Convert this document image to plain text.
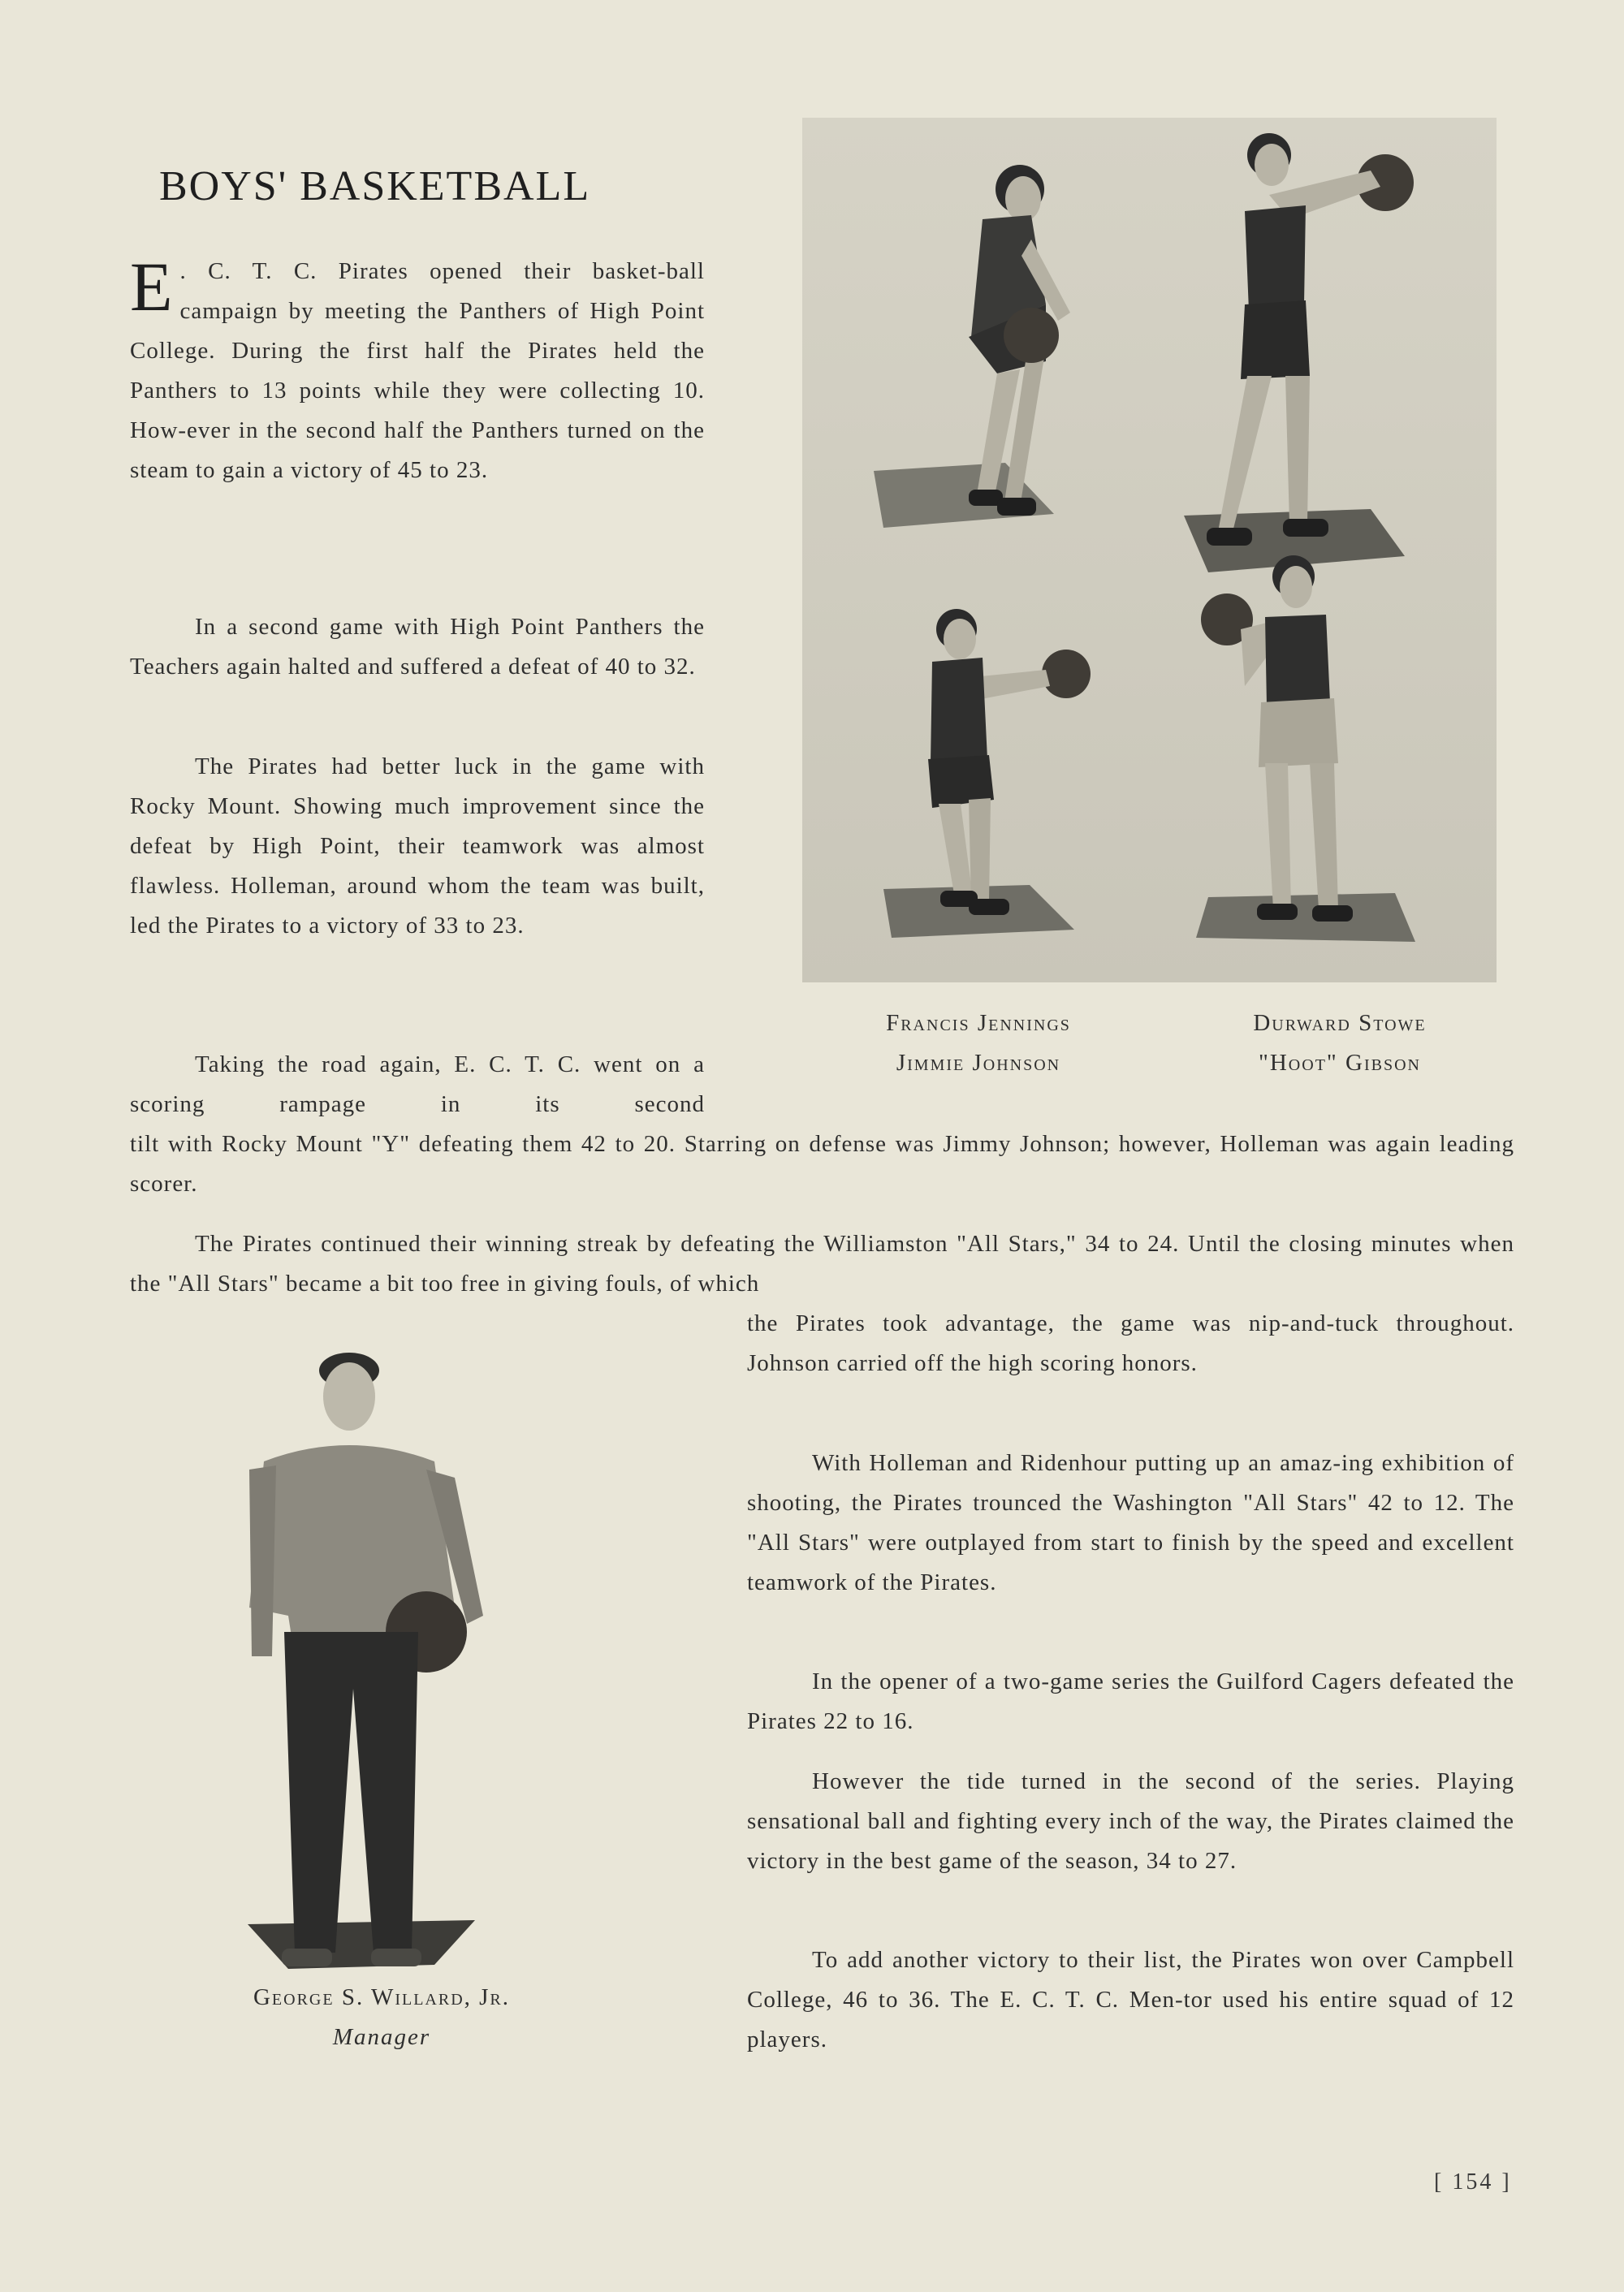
BOYS' BASKETBALL
E . C. T. C. Pirates opened their basket-ball campaign by meeting the Panthers of High Point College. During the first half the Pirates held the Panthers to 13 points while they were collecting 10. How-ever in the second half the Panthers turned on the steam to gain a victory of 45 to 23.

In a second game with High Point Panthers the Teachers again halted and suffered a defeat of 40 to 32.

The Pirates had better luck in the game with Rocky Mount. Showing much improvement since the defeat by High Point, their teamwork was almost flawless. Holleman, around whom the team was built, led the Pirates to a victory of 33 to 23.

Taking the road again, E. C. T. C. went on a scoring rampage in its second

tilt with Rocky Mount "Y" defeating them 42 to 20. Starring on defense was Jimmy Johnson; however, Holleman was again leading scorer.

The Pirates continued their winning streak by defeating the Williamston "All Stars," 34 to 24. Until the closing minutes when the "All Stars" became a bit too free in giving fouls, of which

the Pirates took advantage, the game was nip-and-tuck throughout. Johnson carried off the high scoring honors.

With Holleman and Ridenhour putting up an amaz-ing exhibition of shooting, the Pirates trounced the Washington "All Stars" 42 to 12. The "All Stars" were outplayed from start to finish by the speed and excellent teamwork of the Pirates.

In the opener of a two-game series the Guilford Cagers defeated the Pirates 22 to 16.

However the tide turned in the second of the series. Playing sensational ball and fighting every inch of the way, the Pirates claimed the victory in the best game of the season, 34 to 27.

To add another victory to their list, the Pirates won over Campbell College, 46 to 36. The E. C. T. C. Men-tor used his entire squad of 12 players.

Francis Jennings
Jimmie Johnson
Durward Stowe
"Hoot" Gibson
George S. Willard, Jr.
Manager
[ 154 ]
